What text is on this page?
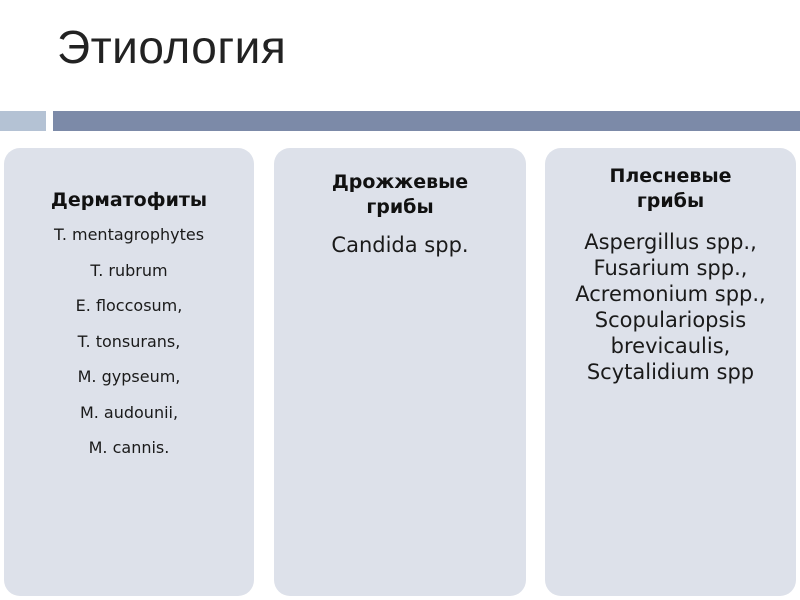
Этиология
Дерматофиты
T. mentagrophytes
T. rubrum
E. floccosum,
T. tonsurans,
M. gypseum,
M. audounii,
M. cannis.
Дрожжевые
грибы
Candida spp.
Плесневые
грибы
Aspergillus spp.,
Fusarium spp.,
Acremonium spp.,
Scopulariopsis
brevicaulis,
Scytalidium spp
